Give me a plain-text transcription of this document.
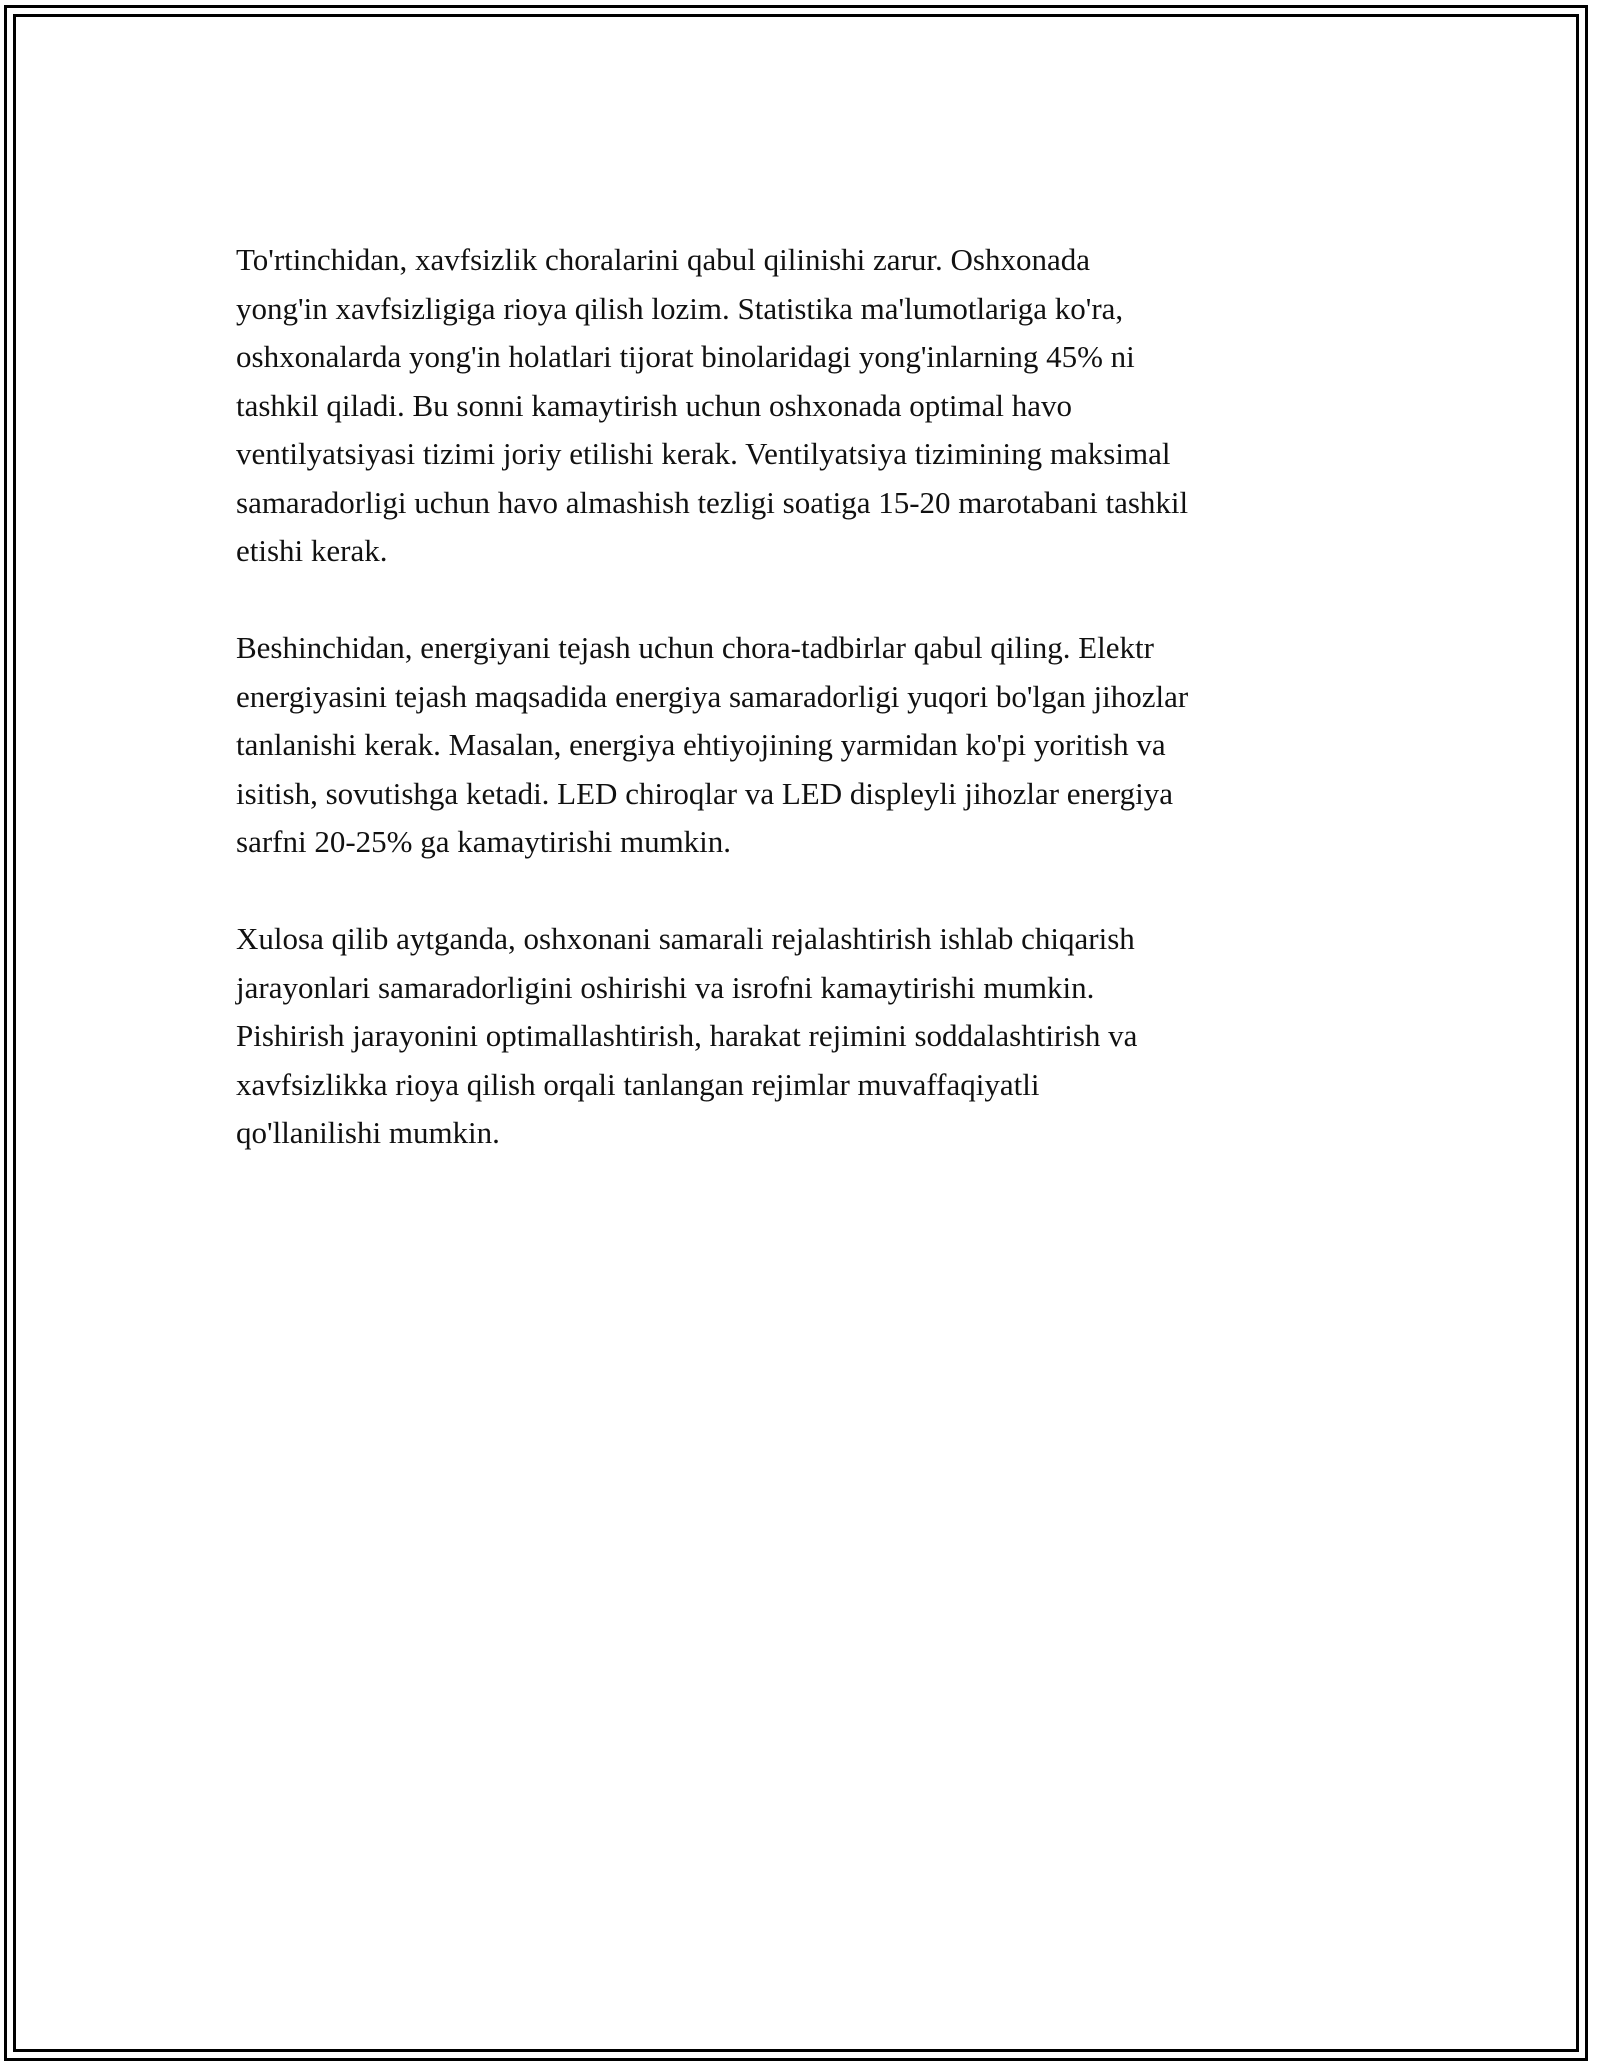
To'rtinchidan, xavfsizlik choralarini qabul qilinishi zarur. Oshxonada
yong'in xavfsizligiga rioya qilish lozim. Statistika ma'lumotlariga ko'ra,
oshxonalarda yong'in holatlari tijorat binolaridagi yong'inlarning 45% ni
tashkil qiladi. Bu sonni kamaytirish uchun oshxonada optimal havo
ventilyatsiyasi tizimi joriy etilishi kerak. Ventilyatsiya tizimining maksimal
samaradorligi uchun havo almashish tezligi soatiga 15-20 marotabani tashkil
etishi kerak.

Beshinchidan, energiyani tejash uchun chora-tadbirlar qabul qiling. Elektr
energiyasini tejash maqsadida energiya samaradorligi yuqori bo'lgan jihozlar
tanlanishi kerak. Masalan, energiya ehtiyojining yarmidan ko'pi yoritish va
isitish, sovutishga ketadi. LED chiroqlar va LED displeyli jihozlar energiya
sarfni 20-25% ga kamaytirishi mumkin.

Xulosa qilib aytganda, oshxonani samarali rejalashtirish ishlab chiqarish
jarayonlari samaradorligini oshirishi va isrofni kamaytirishi mumkin.
Pishirish jarayonini optimallashtirish, harakat rejimini soddalashtirish va
xavfsizlikka rioya qilish orqali tanlangan rejimlar muvaffaqiyatli
qo'llanilishi mumkin.
